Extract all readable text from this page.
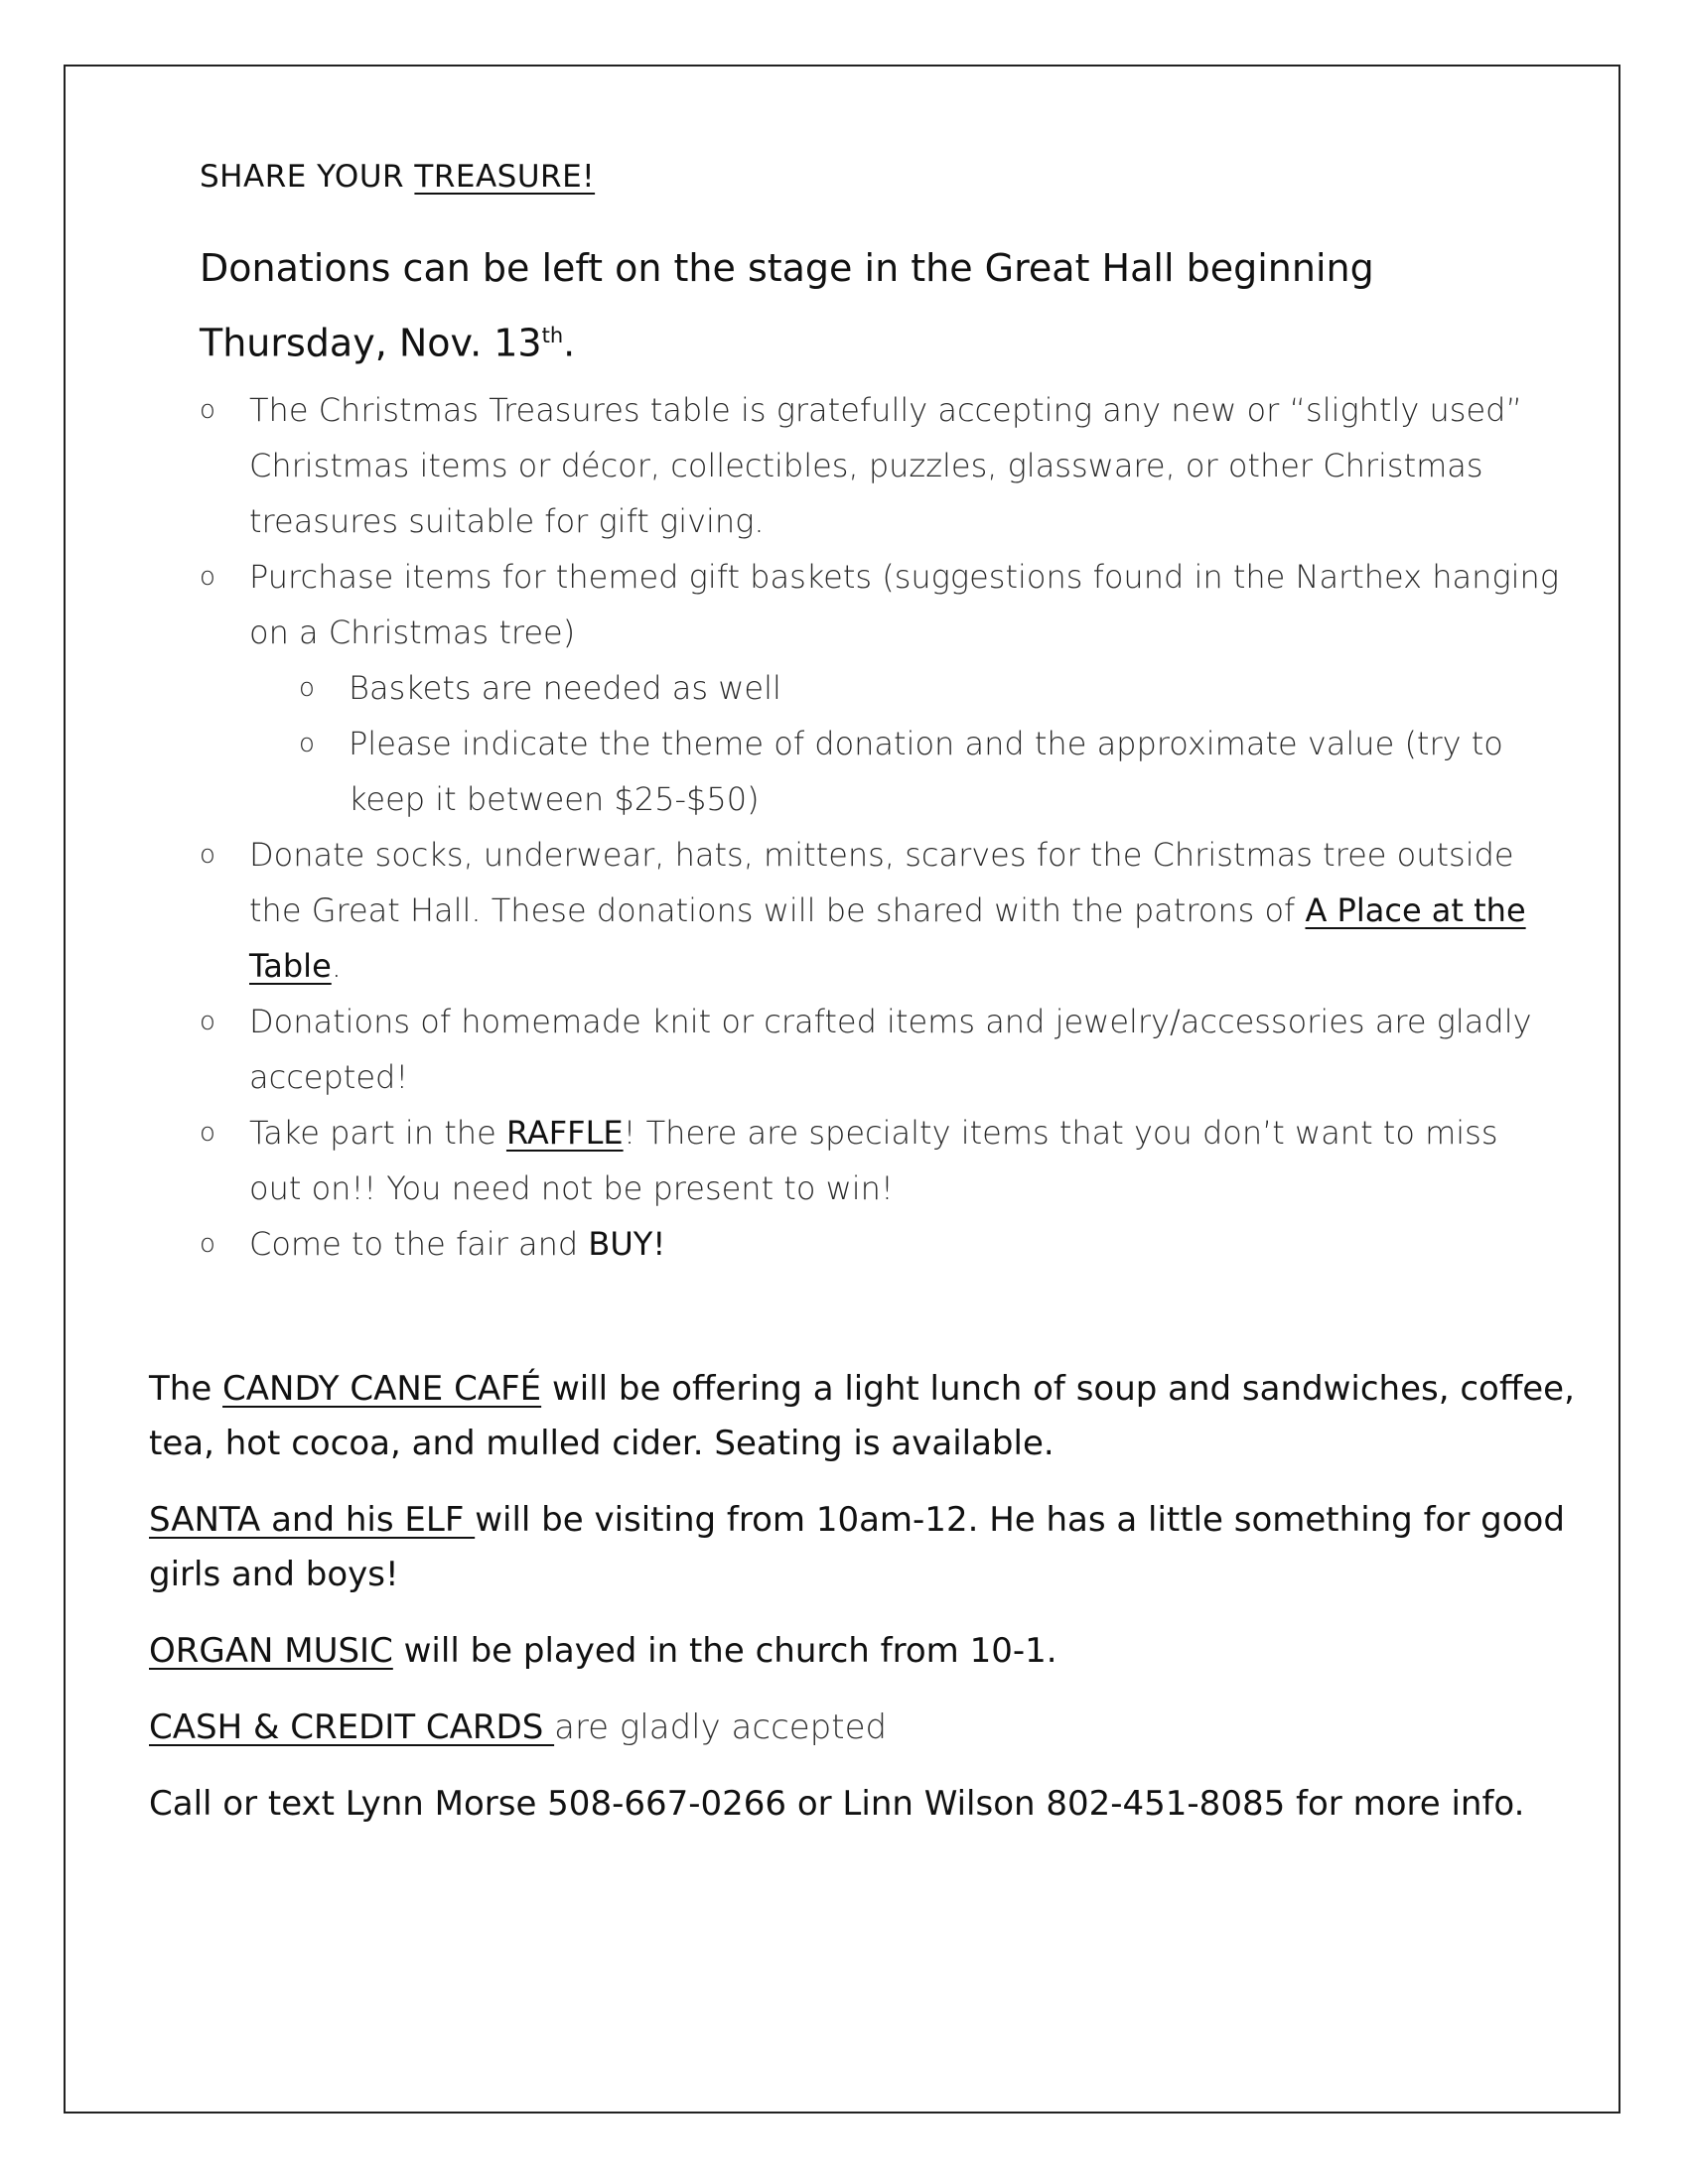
SHARE YOUR TREASURE!
Donations can be left on the stage in the Great Hall beginning Thursday, Nov. 13th.
o The Christmas Treasures table is gratefully accepting any new or “slightly used” Christmas items or décor, collectibles, puzzles, glassware, or other Christmas treasures suitable for gift giving.
o Purchase items for themed gift baskets (suggestions found in the Narthex hanging on a Christmas tree)
o Baskets are needed as well
o Please indicate the theme of donation and the approximate value (try to keep it between $25-$50)
o Donate socks, underwear, hats, mittens, scarves for the Christmas tree outside the Great Hall. These donations will be shared with the patrons of A Place at the Table.
o Donations of homemade knit or crafted items and jewelry/accessories are gladly accepted!
o Take part in the RAFFLE! There are specialty items that you don’t want to miss out on!! You need not be present to win!
o Come to the fair and BUY!

The CANDY CANE CAFÉ will be offering a light lunch of soup and sandwiches, coffee, tea, hot cocoa, and mulled cider. Seating is available.

SANTA and his ELF will be visiting from 10am-12. He has a little something for good girls and boys!

ORGAN MUSIC will be played in the church from 10-1.

CASH & CREDIT CARDS are gladly accepted

Call or text Lynn Morse 508-667-0266 or Linn Wilson 802-451-8085 for more info.
